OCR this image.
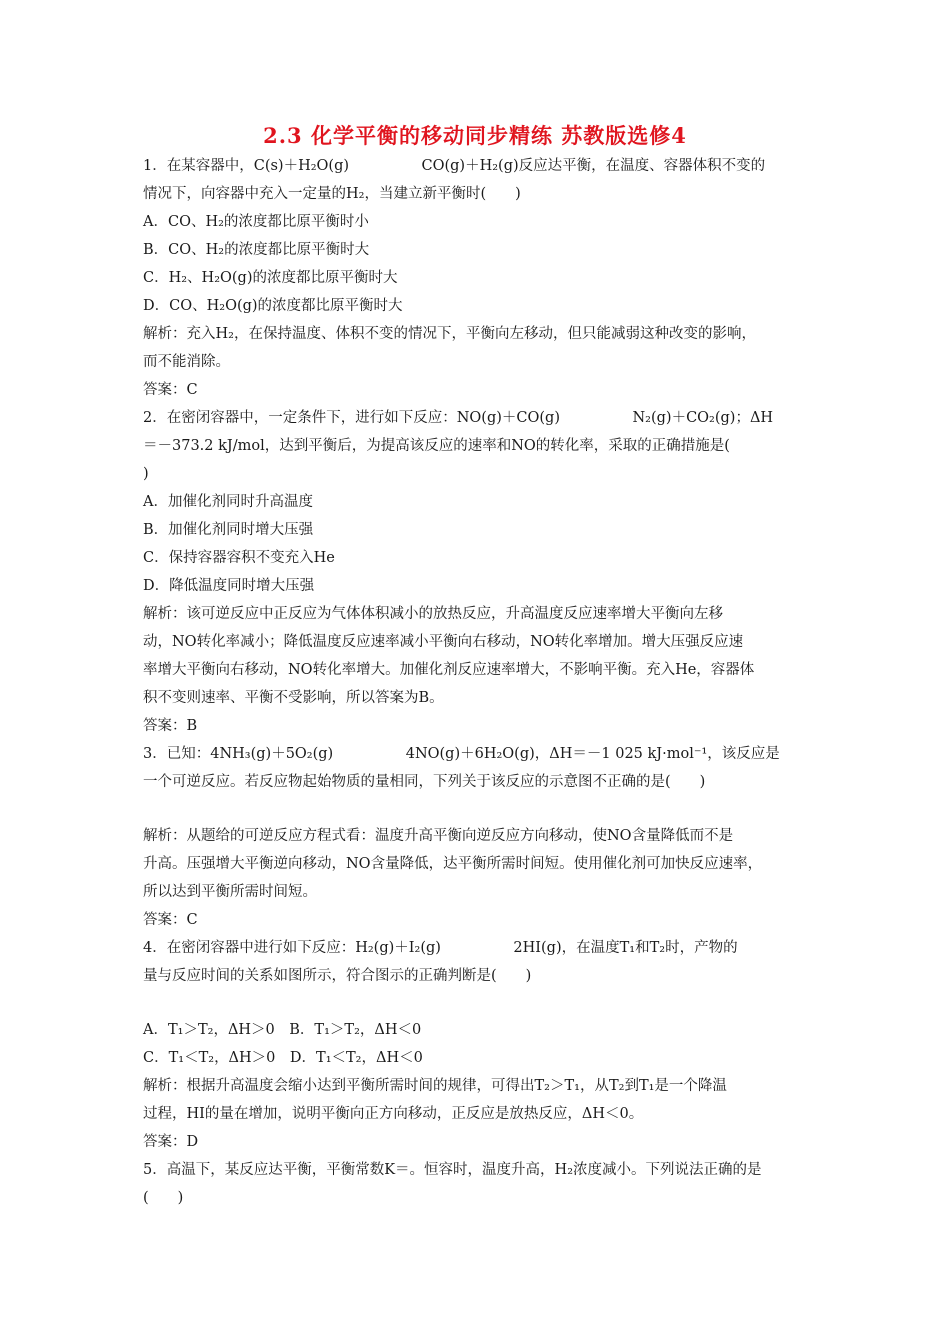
2.3 化学平衡的移动同步精练 苏教版选修4
1．在某容器中，C(s)＋H₂O(g)　　　　　CO(g)＋H₂(g)反应达平衡，在温度、容器体积不变的
情况下，向容器中充入一定量的H₂，当建立新平衡时(　　)
A．CO、H₂的浓度都比原平衡时小
B．CO、H₂的浓度都比原平衡时大
C．H₂、H₂O(g)的浓度都比原平衡时大
D．CO、H₂O(g)的浓度都比原平衡时大
解析：充入H₂，在保持温度、体积不变的情况下，平衡向左移动，但只能减弱这种改变的影响，
而不能消除。
答案：C
2．在密闭容器中，一定条件下，进行如下反应：NO(g)＋CO(g)　　　　　N₂(g)＋CO₂(g)；ΔH
＝－373.2 kJ/mol，达到平衡后，为提高该反应的速率和NO的转化率，采取的正确措施是(
)
A．加催化剂同时升高温度
B．加催化剂同时增大压强
C．保持容器容积不变充入He
D．降低温度同时增大压强
解析：该可逆反应中正反应为气体体积减小的放热反应，升高温度反应速率增大平衡向左移
动，NO转化率减小；降低温度反应速率减小平衡向右移动，NO转化率增加。增大压强反应速
率增大平衡向右移动，NO转化率增大。加催化剂反应速率增大，不影响平衡。充入He，容器体
积不变则速率、平衡不受影响，所以答案为B。
答案：B
3．已知：4NH₃(g)＋5O₂(g)　　　　　4NO(g)＋6H₂O(g)，ΔH＝－1 025 kJ·mol⁻¹，该反应是
一个可逆反应。若反应物起始物质的量相同，下列关于该反应的示意图不正确的是(　　)
解析：从题给的可逆反应方程式看：温度升高平衡向逆反应方向移动，使NO含量降低而不是
升高。压强增大平衡逆向移动，NO含量降低，达平衡所需时间短。使用催化剂可加快反应速率，
所以达到平衡所需时间短。
答案：C
4．在密闭容器中进行如下反应：H₂(g)＋I₂(g)　　　　　2HI(g)，在温度T₁和T₂时，产物的
量与反应时间的关系如图所示，符合图示的正确判断是(　　)
A．T₁＞T₂，ΔH＞0　B．T₁＞T₂，ΔH＜0
C．T₁＜T₂，ΔH＞0　D．T₁＜T₂，ΔH＜0
解析：根据升高温度会缩小达到平衡所需时间的规律，可得出T₂＞T₁，从T₂到T₁是一个降温
过程，HI的量在增加，说明平衡向正方向移动，正反应是放热反应，ΔH＜0。
答案：D
5．高温下，某反应达平衡，平衡常数K＝。恒容时，温度升高，H₂浓度减小。下列说法正确的是
(　　)
